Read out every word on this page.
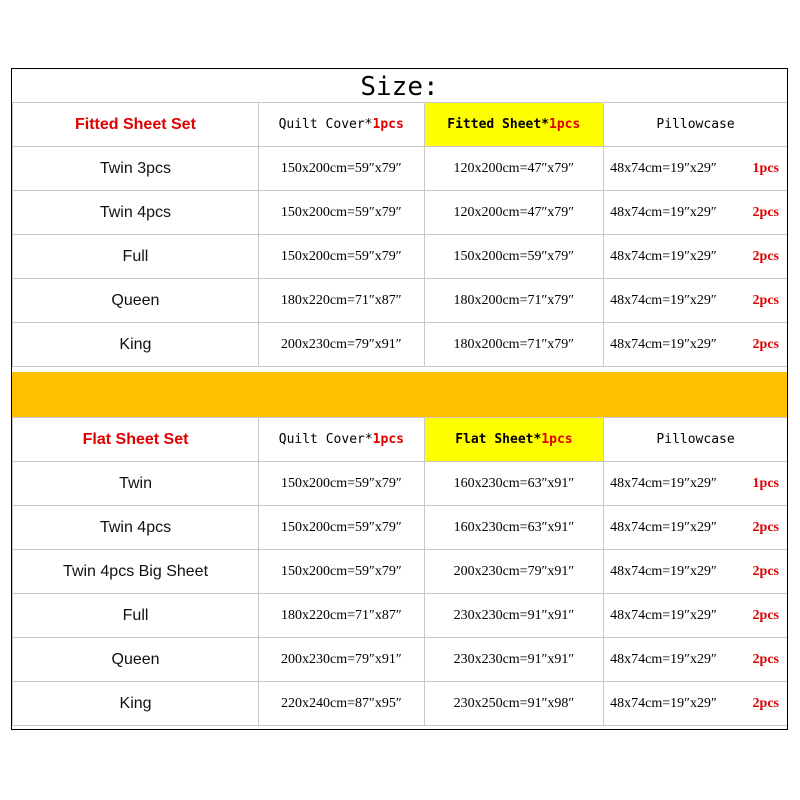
Size:
Fitted Sheet Set	Quilt Cover*1pcs	Fitted Sheet*1pcs	Pillowcase
Twin 3pcs	150x200cm=59″x79″	120x200cm=47″x79″	48x74cm=19″x29″ 1pcs

Twin 4pcs	150x200cm=59″x79″	120x200cm=47″x79″	48x74cm=19″x29″ 2pcs

Full	150x200cm=59″x79″	150x200cm=59″x79″	48x74cm=19″x29″ 2pcs

Queen	180x220cm=71″x87″	180x200cm=71″x79″	48x74cm=19″x29″ 2pcs

King	200x230cm=79″x91″	180x200cm=71″x79″	48x74cm=19″x29″ 2pcs
Flat Sheet Set	Quilt Cover*1pcs	Flat Sheet*1pcs	Pillowcase
Twin	150x200cm=59″x79″	160x230cm=63″x91″	48x74cm=19″x29″ 1pcs

Twin 4pcs	150x200cm=59″x79″	160x230cm=63″x91″	48x74cm=19″x29″ 2pcs

Twin 4pcs Big Sheet	150x200cm=59″x79″	200x230cm=79″x91″	48x74cm=19″x29″ 2pcs

Full	180x220cm=71″x87″	230x230cm=91″x91″	48x74cm=19″x29″ 2pcs

Queen	200x230cm=79″x91″	230x230cm=91″x91″	48x74cm=19″x29″ 2pcs

King	220x240cm=87″x95″	230x250cm=91″x98″	48x74cm=19″x29″ 2pcs
